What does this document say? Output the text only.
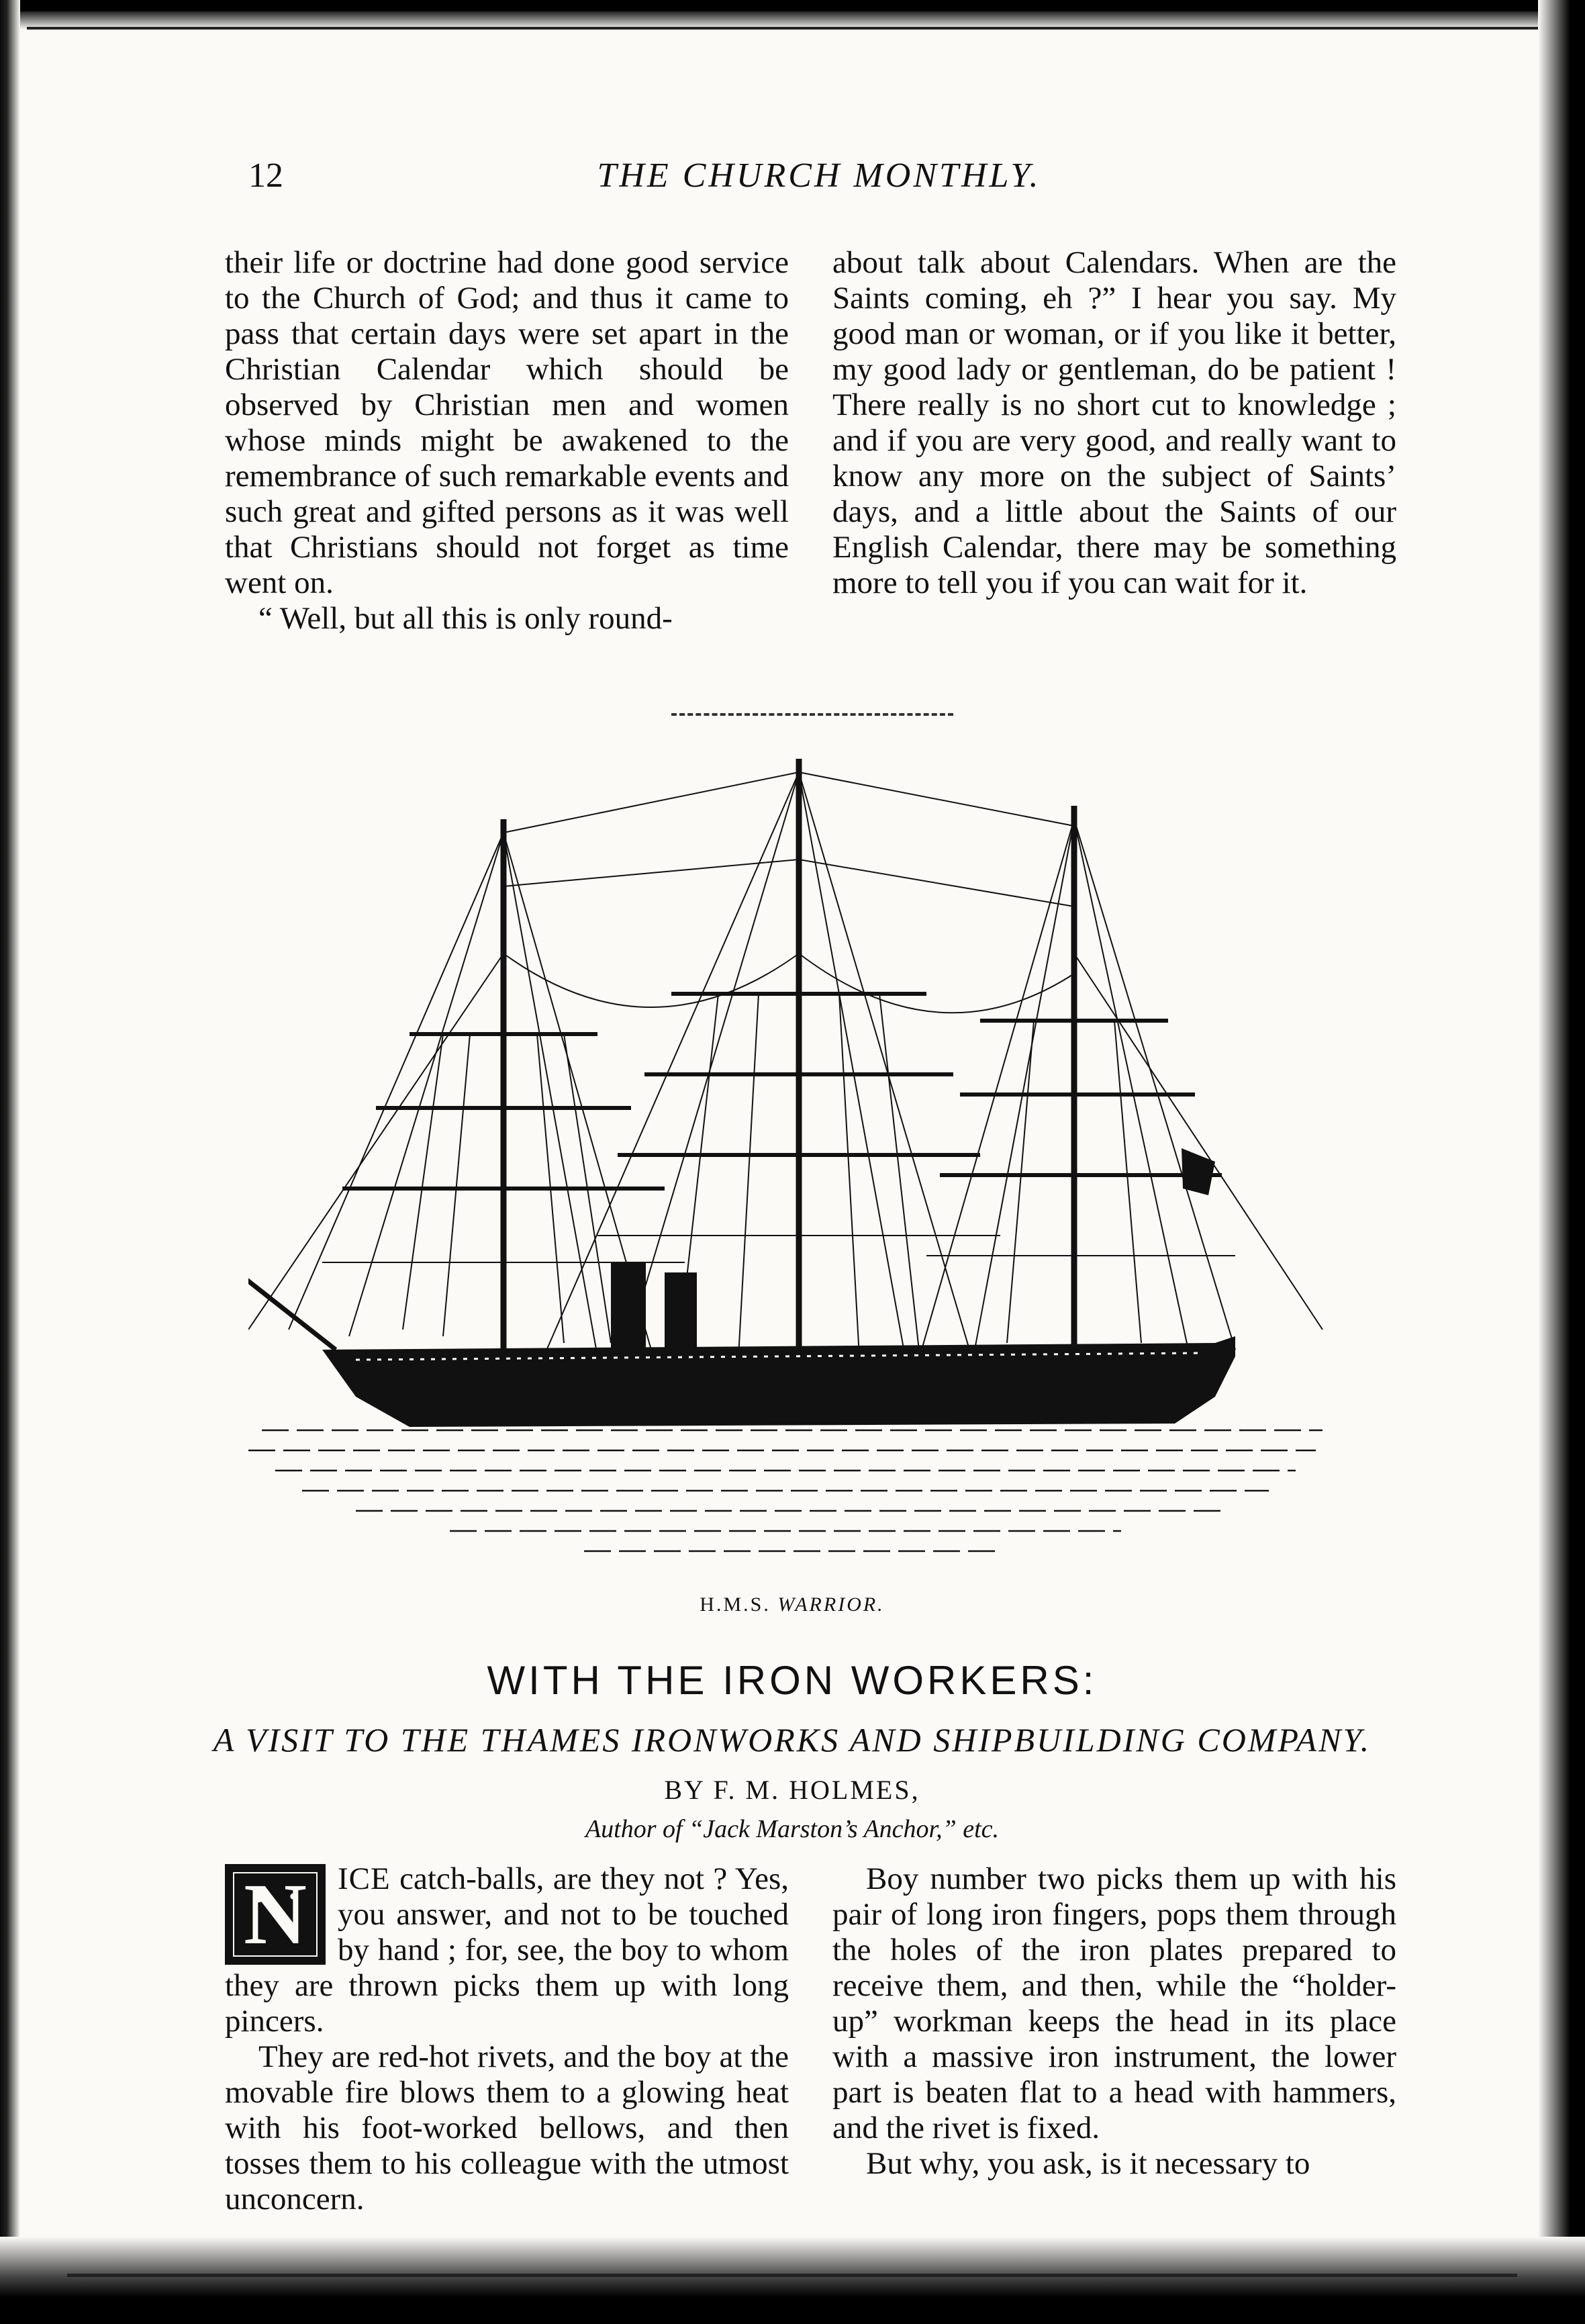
12	THE CHURCH MONTHLY.

their life or doctrine had done good service to the Church of God; and thus it came to pass that certain days were set apart in the Christian Calendar which should be observed by Christian men and women whose minds might be awakened to the remembrance of such remarkable events and such great and gifted persons as it was well that Christians should not forget as time went on.

“ Well, but all this is only round-

about talk about Calendars. When are the Saints coming, eh ?” I hear you say. My good man or woman, or if you like it better, my good lady or gentleman, do be patient ! There really is no short cut to knowledge ; and if you are very good, and really want to know any more on the subject of Saints’ days, and a little about the Saints of our English Calendar, there may be something more to tell you if you can wait for it.

H.M.S. WARRIOR.
WITH THE IRON WORKERS:
A VISIT TO THE THAMES IRONWORKS AND SHIPBUILDING COMPANY.
BY F. M. HOLMES,
Author of “Jack Marston’s Anchor,” etc.

N ICE catch-balls, are they not ? Yes, you answer, and not to be touched by hand ; for, see, the boy to whom they are thrown picks them up with long pincers.

They are red-hot rivets, and the boy at the movable fire blows them to a glowing heat with his foot-worked bellows, and then tosses them to his colleague with the utmost unconcern.

Boy number two picks them up with his pair of long iron fingers, pops them through the holes of the iron plates prepared to receive them, and then, while the “holder-up” workman keeps the head in its place with a massive iron instrument, the lower part is beaten flat to a head with hammers, and the rivet is fixed.

But why, you ask, is it necessary to
